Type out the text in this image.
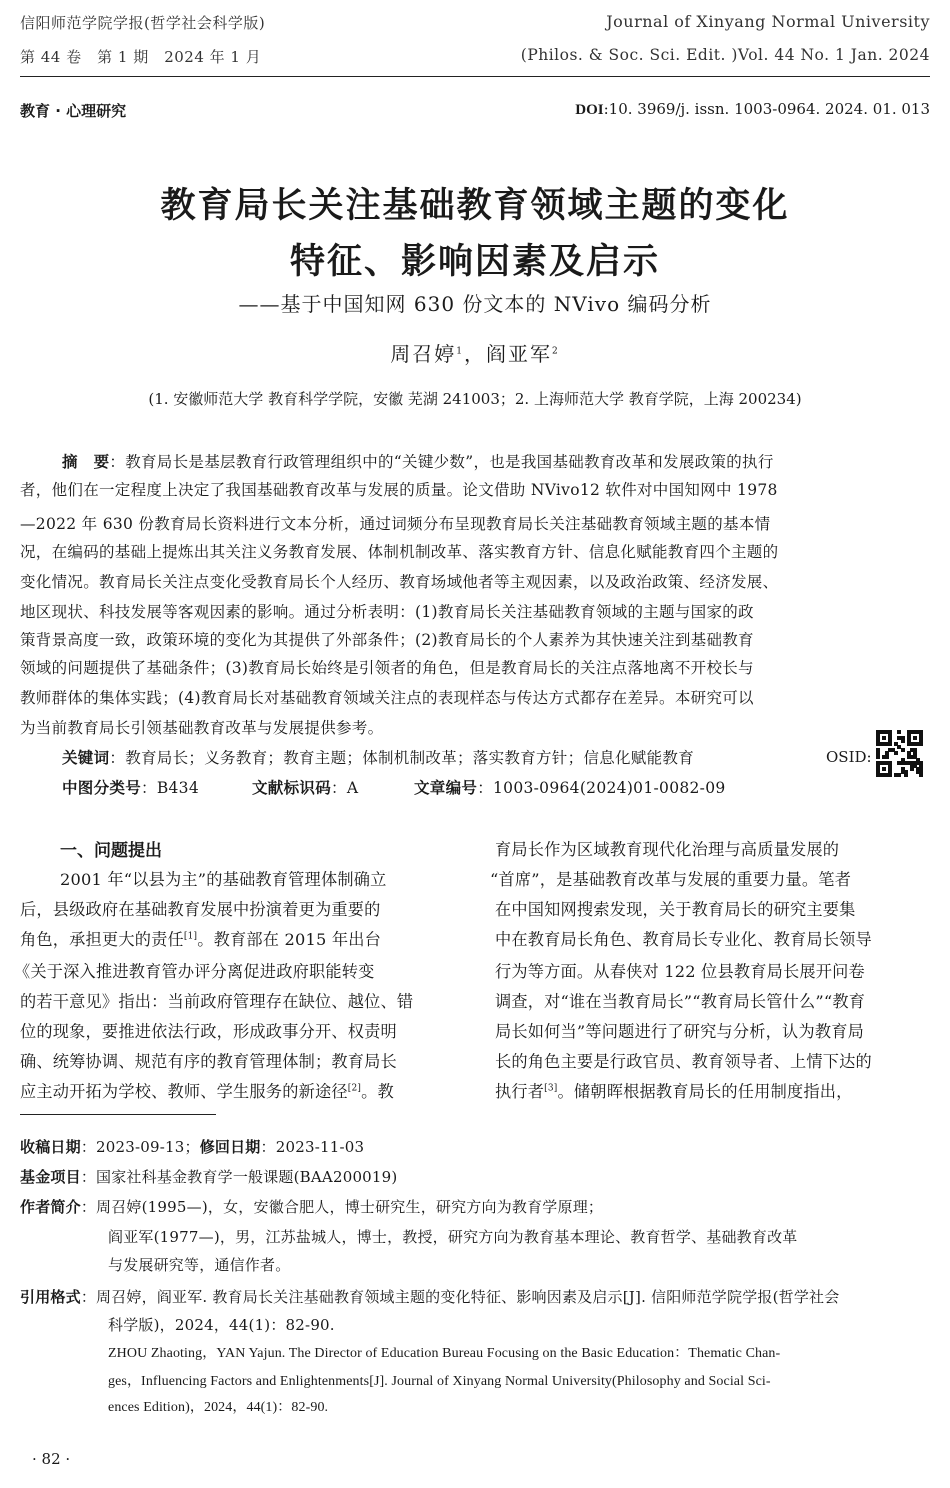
信阳师范学院学报(哲学社会科学版)
第 44 卷　第 1 期　2024 年 1 月
Journal of Xinyang Normal University
(Philos. & Soc. Sci. Edit. )Vol. 44 No. 1 Jan. 2024
教育 · 心理研究	DOI:10. 3969/j. issn. 1003-0964. 2024. 01. 013
教育局长关注基础教育领域主题的变化
特征、影响因素及启示
——基于中国知网 630 份文本的 NVivo 编码分析
周召婷$^1$，阎亚军$^2$
(1. 安徽师范大学 教育科学学院，安徽 芜湖 241003；2. 上海师范大学 教育学院，上海 200234)
摘　要：教育局长是基层教育行政管理组织中的“关键少数”，也是我国基础教育改革和发展政策的执行
者，他们在一定程度上决定了我国基础教育改革与发展的质量。论文借助 NVivo12 软件对中国知网中 1978
—2022 年 630 份教育局长资料进行文本分析，通过词频分布呈现教育局长关注基础教育领域主题的基本情
况，在编码的基础上提炼出其关注义务教育发展、体制机制改革、落实教育方针、信息化赋能教育四个主题的
变化情况。教育局长关注点变化受教育局长个人经历、教育场域他者等主观因素，以及政治政策、经济发展、
地区现状、科技发展等客观因素的影响。通过分析表明：(1)教育局长关注基础教育领域的主题与国家的政
策背景高度一致，政策环境的变化为其提供了外部条件；(2)教育局长的个人素养为其快速关注到基础教育
领域的问题提供了基础条件；(3)教育局长始终是引领者的角色，但是教育局长的关注点落地离不开校长与
教师群体的集体实践；(4)教育局长对基础教育领域关注点的表现样态与传达方式都存在差异。本研究可以
为当前教育局长引领基础教育改革与发展提供参考。
关键词：教育局长；义务教育；教育主题；体制机制改革；落实教育方针；信息化赋能教育	OSID:
中图分类号：B434	文献标识码：A	文章编号：1003-0964(2024)01-0082-09
一、问题提出
2001 年“以县为主”的基础教育管理体制确立
后，县级政府在基础教育发展中扮演着更为重要的
角色，承担更大的责任[1]。教育部在 2015 年出台
《关于深入推进教育管办评分离促进政府职能转变
的若干意见》指出：当前政府管理存在缺位、越位、错
位的现象，要推进依法行政，形成政事分开、权责明
确、统筹协调、规范有序的教育管理体制；教育局长
应主动开拓为学校、教师、学生服务的新途径[2]。教
育局长作为区域教育现代化治理与高质量发展的
“首席”，是基础教育改革与发展的重要力量。笔者
在中国知网搜索发现，关于教育局长的研究主要集
中在教育局长角色、教育局长专业化、教育局长领导
行为等方面。从春侠对 122 位县教育局长展开问卷
调查，对“谁在当教育局长”“教育局长管什么”“教育
局长如何当”等问题进行了研究与分析，认为教育局
长的角色主要是行政官员、教育领导者、上情下达的
执行者[3]。储朝晖根据教育局长的任用制度指出，
收稿日期：2023-09-13；修回日期：2023-11-03
基金项目：国家社科基金教育学一般课题(BAA200019)
作者简介：周召婷(1995—)，女，安徽合肥人，博士研究生，研究方向为教育学原理；
阎亚军(1977—)，男，江苏盐城人，博士，教授，研究方向为教育基本理论、教育哲学、基础教育改革
与发展研究等，通信作者。
引用格式：周召婷，阎亚军. 教育局长关注基础教育领域主题的变化特征、影响因素及启示[J]. 信阳师范学院学报(哲学社会
科学版)，2024，44(1)：82-90.
ZHOU Zhaoting，YAN Yajun. The Director of Education Bureau Focusing on the Basic Education：Thematic Chan-
ges，Influencing Factors and Enlightenments[J]. Journal of Xinyang Normal University(Philosophy and Social Sci-
ences Edition)，2024，44(1)：82-90.
· 82 ·
